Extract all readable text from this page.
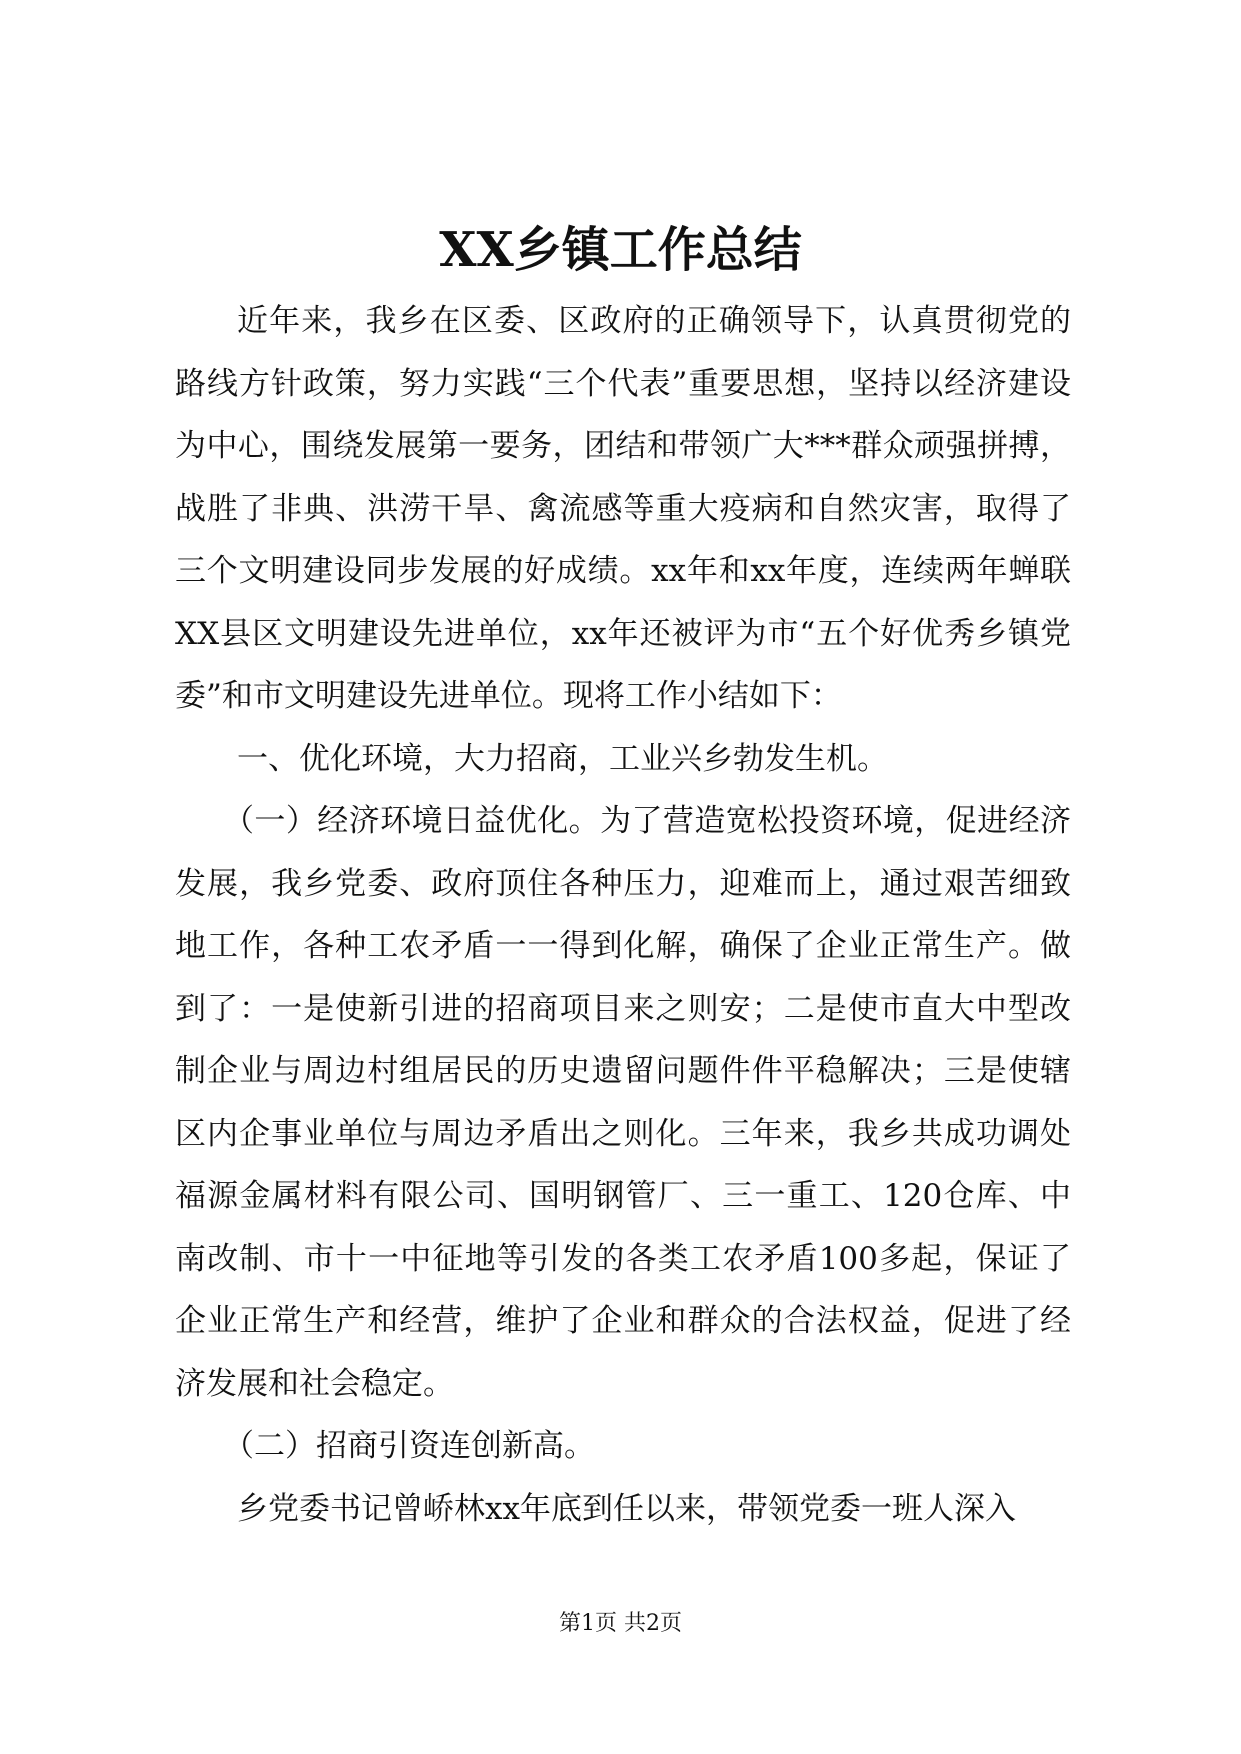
XX乡镇工作总结

近年来，我乡在区委、区政府的正确领导下，认真贯彻党的路线方针政策，努力实践“三个代表”重要思想，坚持以经济建设为中心，围绕发展第一要务，团结和带领广大***群众顽强拼搏，战胜了非典、洪涝干旱、禽流感等重大疫病和自然灾害，取得了三个文明建设同步发展的好成绩。xx年和xx年度，连续两年蝉联XX县区文明建设先进单位，xx年还被评为市“五个好优秀乡镇党委”和市文明建设先进单位。现将工作小结如下：

一、优化环境，大力招商，工业兴乡勃发生机。

（一）经济环境日益优化。为了营造宽松投资环境，促进经济发展，我乡党委、政府顶住各种压力，迎难而上，通过艰苦细致地工作，各种工农矛盾一一得到化解，确保了企业正常生产。做到了：一是使新引进的招商项目来之则安；二是使市直大中型改制企业与周边村组居民的历史遗留问题件件平稳解决；三是使辖区内企事业单位与周边矛盾出之则化。三年来，我乡共成功调处福源金属材料有限公司、国明钢管厂、三一重工、120仓库、中南改制、市十一中征地等引发的各类工农矛盾100多起，保证了企业正常生产和经营，维护了企业和群众的合法权益，促进了经济发展和社会稳定。

（二）招商引资连创新高。

乡党委书记曾峤林xx年底到任以来，带领党委一班人深入

第1页 共2页
